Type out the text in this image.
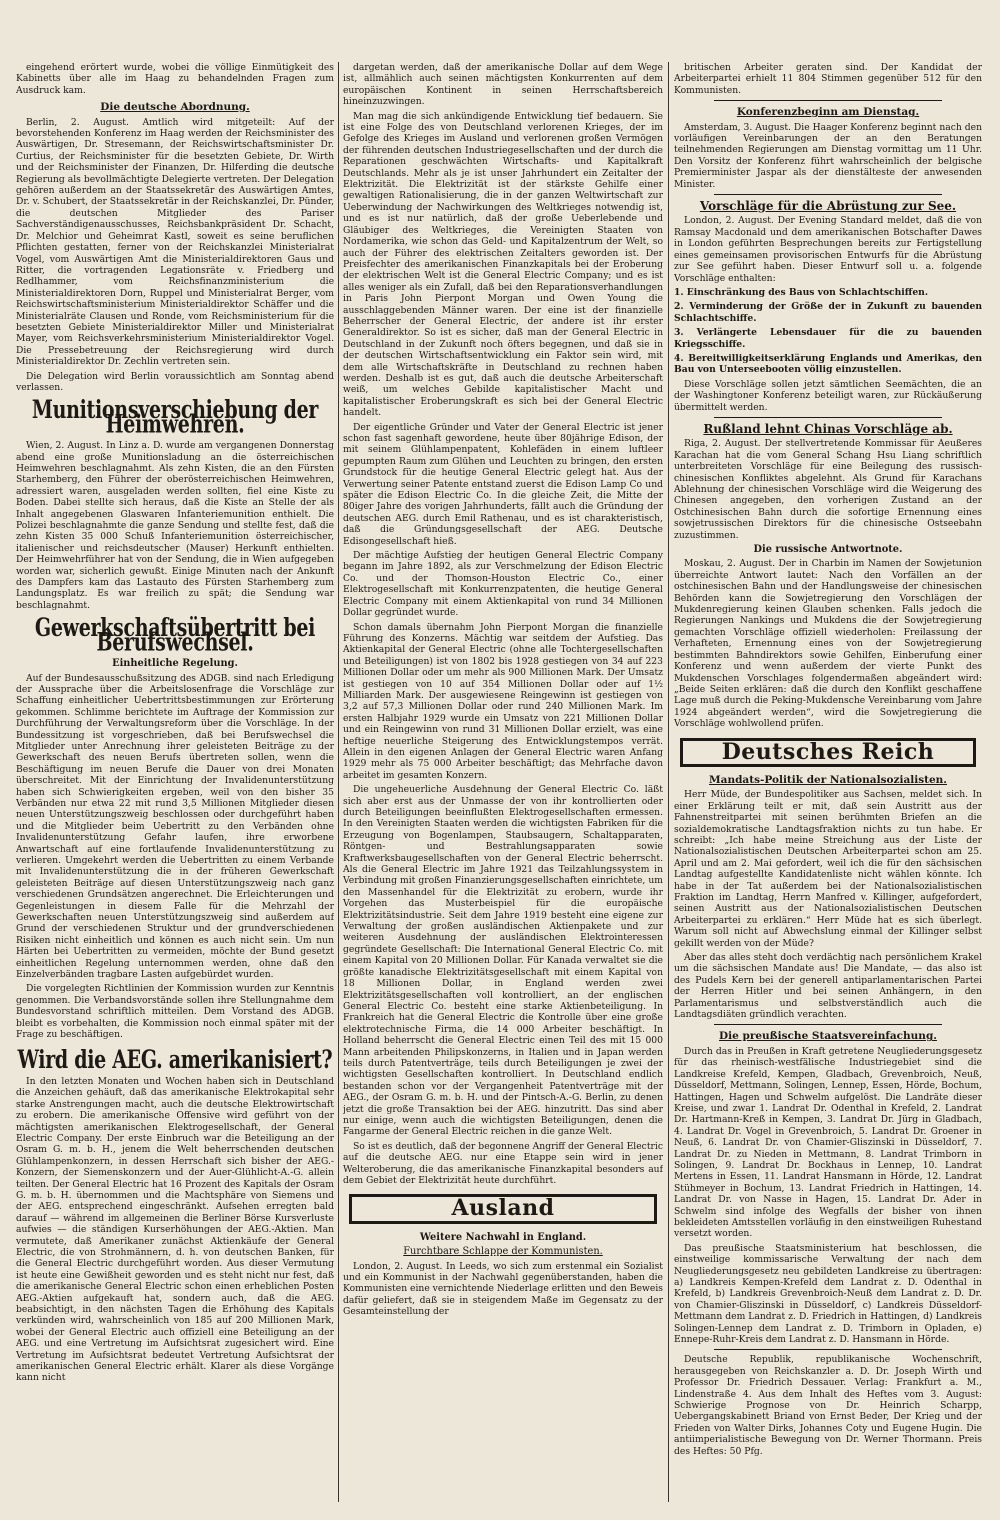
eingehend erörtert wurde, wobei die völlige Einmütigkeit des Kabinetts über alle im Haag zu behandelnden Fragen zum Ausdruck kam.

Die deutsche Abordnung.

Berlin, 2. August. Amtlich wird mitgeteilt: Auf der bevorstehenden Konferenz im Haag werden der Reichsminister des Auswärtigen, Dr. Stresemann, der Reichswirtschaftsminister Dr. Curtius, der Reichsminister für die besetzten Gebiete, Dr. Wirth und der Reichsminister der Finanzen, Dr. Hilferding die deutsche Regierung als bevollmächtigte Delegierte vertreten. Der Delegation gehören außerdem an der Staatssekretär des Auswärtigen Amtes, Dr. v. Schubert, der Staatssekretär in der Reichskanzlei, Dr. Pünder, die deutschen Mitglieder des Pariser Sachverständigenausschusses, Reichsbankpräsident Dr. Schacht, Dr. Melchior und Geheimrat Kastl, soweit es seine beruflichen Pflichten gestatten, ferner von der Reichskanzlei Ministerialrat Vogel, vom Auswärtigen Amt die Ministerialdirektoren Gaus und Ritter, die vortragenden Legationsräte v. Friedberg und Redlhammer, vom Reichsfinanzministerium die Ministerialdirektoren Dorn, Ruppel und Ministerialrat Berger, vom Reichswirtschaftsministerium Ministerialdirektor Schäffer und die Ministerialräte Clausen und Ronde, vom Reichsministerium für die besetzten Gebiete Ministerialdirektor Miller und Ministerialrat Mayer, vom Reichsverkehrsministerium Ministerialdirektor Vogel. Die Pressebetreuung der Reichsregierung wird durch Ministerialdirektor Dr. Zechlin vertreten sein.

Die Delegation wird Berlin voraussichtlich am Sonntag abend verlassen.

Munitionsverschiebung der Heimwehren.

Wien, 2. August. In Linz a. D. wurde am vergangenen Donnerstag abend eine große Munitionsladung an die österreichischen Heimwehren beschlagnahmt. Als zehn Kisten, die an den Fürsten Starhemberg, den Führer der oberösterreichischen Heimwehren, adressiert waren, ausgeladen werden sollten, fiel eine Kiste zu Boden. Dabei stellte sich heraus, daß die Kiste an Stelle der als Inhalt angegebenen Glaswaren Infanteriemunition enthielt. Die Polizei beschlagnahmte die ganze Sendung und stellte fest, daß die zehn Kisten 35 000 Schuß Infanteriemunition österreichischer, italienischer und reichsdeutscher (Mauser) Herkunft enthielten. Der Heimwehrführer hat von der Sendung, die in Wien aufgegeben worden war, sicherlich gewußt. Einige Minuten nach der Ankunft des Dampfers kam das Lastauto des Fürsten Starhemberg zum Landungsplatz. Es war freilich zu spät; die Sendung war beschlagnahmt.

Gewerkschaftsübertritt bei Berufswechsel.
Einheitliche Regelung.

Auf der Bundesausschußsitzung des ADGB. sind nach Erledigung der Aussprache über die Arbeitslosenfrage die Vorschläge zur Schaffung einheitlicher Uebertrittsbestimmungen zur Erörterung gekommen. Schlimme berichtete im Auftrage der Kommission zur Durchführung der Verwaltungsreform über die Vorschläge. In der Bundessitzung ist vorgeschrieben, daß bei Berufswechsel die Mitglieder unter Anrechnung ihrer geleisteten Beiträge zu der Gewerkschaft des neuen Berufs übertreten sollen, wenn die Beschäftigung im neuen Berufe die Dauer von drei Monaten überschreitet. Mit der Einrichtung der Invalidenunterstützung haben sich Schwierigkeiten ergeben, weil von den bisher 35 Verbänden nur etwa 22 mit rund 3,5 Millionen Mitglieder diesen neuen Unterstützungszweig beschlossen oder durchgeführt haben und die Mitglieder beim Uebertritt zu den Verbänden ohne Invalidenunterstützung Gefahr laufen, ihre erworbene Anwartschaft auf eine fortlaufende Invalidenunterstützung zu verlieren. Umgekehrt werden die Uebertritten zu einem Verbande mit Invalidenunterstützung die in der früheren Gewerkschaft geleisteten Beiträge auf diesen Unterstützungszweig nach ganz verschiedenen Grundsätzen angerechnet. Die Erleichterungen und Gegenleistungen in diesem Falle für die Mehrzahl der Gewerkschaften neuen Unterstützungszweig sind außerdem auf Grund der verschiedenen Struktur und der grundverschiedenen Risiken nicht einheitlich und können es auch nicht sein. Um nun Härten bei Uebertritten zu vermeiden, möchte der Bund gesetzt einheitlichen Regelung unternommen werden, ohne daß den Einzelverbänden tragbare Lasten aufgebürdet wurden.

Die vorgelegten Richtlinien der Kommission wurden zur Kenntnis genommen. Die Verbandsvorstände sollen ihre Stellungnahme dem Bundesvorstand schriftlich mitteilen. Dem Vorstand des ADGB. bleibt es vorbehalten, die Kommission noch einmal später mit der Frage zu beschäftigen.

Wird die AEG. amerikanisiert?

In den letzten Monaten und Wochen haben sich in Deutschland die Anzeichen gehäuft, daß das amerikanische Elektrokapital sehr starke Anstrengungen macht, auch die deutsche Elektrowirtschaft zu erobern. Die amerikanische Offensive wird geführt von der mächtigsten amerikanischen Elektrogesellschaft, der General Electric Company. Der erste Einbruch war die Beteiligung an der Osram G. m. b. H., jenem die Welt beherrschenden deutschen Glühlampenkonzern, in dessen Herrschaft sich bisher der AEG.-Konzern, der Siemenskonzern und der Auer-Glühlicht-A.-G. allein teilten. Der General Electric hat 16 Prozent des Kapitals der Osram G. m. b. H. übernommen und die Machtsphäre von Siemens und der AEG. entsprechend eingeschränkt. Aufsehen erregten bald darauf — während im allgemeinen die Berliner Börse Kursverluste aufwies — die ständigen Kurserhöhungen der AEG.-Aktien. Man vermutete, daß Amerikaner zunächst Aktienkäufe der General Electric, die von Strohmännern, d. h. von deutschen Banken, für die General Electric durchgeführt worden. Aus dieser Vermutung ist heute eine Gewißheit geworden und es steht nicht nur fest, daß die amerikanische General Electric schon einen erheblichen Posten AEG.-Aktien aufgekauft hat, sondern auch, daß die AEG. beabsichtigt, in den nächsten Tagen die Erhöhung des Kapitals verkünden wird, wahrscheinlich von 185 auf 200 Millionen Mark, wobei der General Electric auch offiziell eine Beteiligung an der AEG. und eine Vertretung im Aufsichtsrat zugesichert wird. Eine Vertretung im Aufsichtsrat bedeutet Vertretung Aufsichtsrat der amerikanischen General Electric erhält. Klarer als diese Vorgänge kann nicht

dargetan werden, daß der amerikanische Dollar auf dem Wege ist, allmählich auch seinen mächtigsten Konkurrenten auf dem europäischen Kontinent in seinen Herrschaftsbereich hineinzuzwingen.

Man mag die sich ankündigende Entwicklung tief bedauern. Sie ist eine Folge des von Deutschland verlorenen Krieges, der im Gefolge des Krieges im Ausland und verlorenen großen Vermögen der führenden deutschen Industriegesellschaften und der durch die Reparationen geschwächten Wirtschafts- und Kapitalkraft Deutschlands. Mehr als je ist unser Jahrhundert ein Zeitalter der Elektrizität. Die Elektrizität ist der stärkste Gehilfe einer gewaltigen Rationalisierung, die in der ganzen Weltwirtschaft zur Ueberwindung der Nachwirkungen des Weltkrieges notwendig ist, und es ist nur natürlich, daß der große Ueberlebende und Gläubiger des Weltkrieges, die Vereinigten Staaten von Nordamerika, wie schon das Geld- und Kapitalzentrum der Welt, so auch der Führer des elektrischen Zeitalters geworden ist. Der Preisfechter des amerikanischen Finanzkapitals bei der Eroberung der elektrischen Welt ist die General Electric Company; und es ist alles weniger als ein Zufall, daß bei den Reparationsverhandlungen in Paris John Pierpont Morgan und Owen Young die ausschlaggebenden Männer waren. Der eine ist der finanzielle Beherrscher der General Electric, der andere ist ihr erster Generaldirektor. So ist es sicher, daß man der General Electric in Deutschland in der Zukunft noch öfters begegnen, und daß sie in der deutschen Wirtschaftsentwicklung ein Faktor sein wird, mit dem alle Wirtschaftskräfte in Deutschland zu rechnen haben werden. Deshalb ist es gut, daß auch die deutsche Arbeiterschaft weiß, um welches Gebilde kapitalistischer Macht und kapitalistischer Eroberungskraft es sich bei der General Electric handelt.

Der eigentliche Gründer und Vater der General Electric ist jener schon fast sagenhaft gewordene, heute über 80jährige Edison, der mit seinem Glühlampenpatent, Kohlefäden in einem luftleer gepumpten Raum zum Glühen und Leuchten zu bringen, den ersten Grundstock für die heutige General Electric gelegt hat. Aus der Verwertung seiner Patente entstand zuerst die Edison Lamp Co und später die Edison Electric Co. In die gleiche Zeit, die Mitte der 80iger Jahre des vorigen Jahrhunderts, fällt auch die Gründung der deutschen AEG. durch Emil Rathenau, und es ist charakteristisch, daß die Gründungsgesellschaft der AEG. Deutsche Edisongesellschaft hieß.

Der mächtige Aufstieg der heutigen General Electric Company begann im Jahre 1892, als zur Verschmelzung der Edison Electric Co. und der Thomson-Houston Electric Co., einer Elektrogesellschaft mit Konkurrenzpatenten, die heutige General Electric Company mit einem Aktienkapital von rund 34 Millionen Dollar gegründet wurde.

Schon damals übernahm John Pierpont Morgan die finanzielle Führung des Konzerns. Mächtig war seitdem der Aufstieg. Das Aktienkapital der General Electric (ohne alle Tochtergesellschaften und Beteiligungen) ist von 1802 bis 1928 gestiegen von 34 auf 223 Millionen Dollar oder um mehr als 900 Millionen Mark. Der Umsatz ist gestiegen von 10 auf 354 Millionen Dollar oder auf 1½ Milliarden Mark. Der ausgewiesene Reingewinn ist gestiegen von 3,2 auf 57,3 Millionen Dollar oder rund 240 Millionen Mark. Im ersten Halbjahr 1929 wurde ein Umsatz von 221 Millionen Dollar und ein Reingewinn von rund 31 Millionen Dollar erzielt, was eine heftige neuerliche Steigerung des Entwicklungstempos verrät. Allein in den eigenen Anlagen der General Electric waren Anfang 1929 mehr als 75 000 Arbeiter beschäftigt; das Mehrfache davon arbeitet im gesamten Konzern.

Die ungeheuerliche Ausdehnung der General Electric Co. läßt sich aber erst aus der Unmasse der von ihr kontrollierten oder durch Beteiligungen beeinflußten Elektrogesellschaften ermessen. In den Vereinigten Staaten werden die wichtigsten Fabriken für die Erzeugung von Bogenlampen, Staubsaugern, Schaltapparaten, Röntgen- und Bestrahlungsapparaten sowie Kraftwerksbaugesellschaften von der General Electric beherrscht. Als die General Electric im Jahre 1921 das Teilzahlungssystem in Verbindung mit großen Finanzierungsgesellschaften einrichtete, um den Massenhandel für die Elektrizität zu erobern, wurde ihr Vorgehen das Musterbeispiel für die europäische Elektrizitätsindustrie. Seit dem Jahre 1919 besteht eine eigene zur Verwaltung der großen ausländischen Aktienpakete und zur weiteren Ausdehnung der ausländischen Elektrointeressen gegründete Gesellschaft: Die International General Electric Co. mit einem Kapital von 20 Millionen Dollar. Für Kanada verwaltet sie die größte kanadische Elektrizitätsgesellschaft mit einem Kapital von 18 Millionen Dollar, in England werden zwei Elektrizitätsgesellschaften voll kontrolliert, an der englischen General Electric Co. besteht eine starke Aktienbeteiligung. In Frankreich hat die General Electric die Kontrolle über eine große elektrotechnische Firma, die 14 000 Arbeiter beschäftigt. In Holland beherrscht die General Electric einen Teil des mit 15 000 Mann arbeitenden Philipskonzerns, in Italien und in Japan werden teils durch Patentverträge, teils durch Beteiligungen je zwei der wichtigsten Gesellschaften kontrolliert. In Deutschland endlich bestanden schon vor der Vergangenheit Patentverträge mit der AEG., der Osram G. m. b. H. und der Pintsch-A.-G. Berlin, zu denen jetzt die große Transaktion bei der AEG. hinzutritt. Das sind aber nur einige, wenn auch die wichtigsten Beteiligungen, denen die Fangarme der General Electric reichen in die ganze Welt.

So ist es deutlich, daß der begonnene Angriff der General Electric auf die deutsche AEG. nur eine Etappe sein wird in jener Welteroberung, die das amerikanische Finanzkapital besonders auf dem Gebiet der Elektrizität heute durchführt.

Ausland
Weitere Nachwahl in England.
Furchtbare Schlappe der Kommunisten.

London, 2. August. In Leeds, wo sich zum erstenmal ein Sozialist und ein Kommunist in der Nachwahl gegenüberstanden, haben die Kommunisten eine vernichtende Niederlage erlitten und den Beweis dafür geliefert, daß sie in steigendem Maße im Gegensatz zu der Gesamteinstellung der

britischen Arbeiter geraten sind. Der Kandidat der Arbeiterpartei erhielt 11 804 Stimmen gegenüber 512 für den Kommunisten.

Konferenzbeginn am Dienstag.

Amsterdam, 3. August. Die Haager Konferenz beginnt nach den vorläufigen Vereinbarungen der an den Beratungen teilnehmenden Regierungen am Dienstag vormittag um 11 Uhr. Den Vorsitz der Konferenz führt wahrscheinlich der belgische Premierminister Jaspar als der dienstälteste der anwesenden Minister.

Vorschläge für die Abrüstung zur See.

London, 2. August. Der Evening Standard meldet, daß die von Ramsay Macdonald und dem amerikanischen Botschafter Dawes in London geführten Besprechungen bereits zur Fertigstellung eines gemeinsamen provisorischen Entwurfs für die Abrüstung zur See geführt haben. Dieser Entwurf soll u. a. folgende Vorschläge enthalten:

1. Einschränkung des Baus von Schlachtschiffen.

2. Verminderung der Größe der in Zukunft zu bauenden Schlachtschiffe.

3. Verlängerte Lebensdauer für die zu bauenden Kriegsschiffe.

4. Bereitwilligkeitserklärung Englands und Amerikas, den Bau von Unterseebooten völlig einzustellen.

Diese Vorschläge sollen jetzt sämtlichen Seemächten, die an der Washingtoner Konferenz beteiligt waren, zur Rückäußerung übermittelt werden.

Rußland lehnt Chinas Vorschläge ab.

Riga, 2. August. Der stellvertretende Kommissar für Aeußeres Karachan hat die vom General Schang Hsu Liang schriftlich unterbreiteten Vorschläge für eine Beilegung des russisch-chinesischen Konfliktes abgelehnt. Als Grund für Karachans Ablehnung der chinesischen Vorschläge wird die Weigerung des Chinesen angegeben, den vorherigen Zustand an der Ostchinesischen Bahn durch die sofortige Ernennung eines sowjetrussischen Direktors für die chinesische Ostseebahn zuzustimmen.

Die russische Antwortnote.

Moskau, 2. August. Der in Charbin im Namen der Sowjetunion überreichte Antwort lautet: Nach den Vorfällen an der ostchinesischen Bahn und der Handlungsweise der chinesischen Behörden kann die Sowjetregierung den Vorschlägen der Mukdenregierung keinen Glauben schenken. Falls jedoch die Regierungen Nankings und Mukdens die der Sowjetregierung gemachten Vorschläge offiziell wiederholen: Freilassung der Verhafteten, Ernennung eines von der Sowjetregierung bestimmten Bahndirektors sowie Gehilfen, Einberufung einer Konferenz und wenn außerdem der vierte Punkt des Mukdenschen Vorschlages folgendermaßen abgeändert wird: „Beide Seiten erklären: daß die durch den Konflikt geschaffene Lage muß durch die Peking-Mukdensche Vereinbarung vom Jahre 1924 abgeändert werden“, wird die Sowjetregierung die Vorschläge wohlwollend prüfen.

Deutsches Reich
Mandats-Politik der Nationalsozialisten.

Herr Müde, der Bundespolitiker aus Sachsen, meldet sich. In einer Erklärung teilt er mit, daß sein Austritt aus der Fahnenstreitpartei mit seinen berühmten Briefen an die sozialdemokratische Landtagsfraktion nichts zu tun habe. Er schreibt: „Ich habe meine Streichung aus der Liste der Nationalsozialistischen Deutschen Arbeiterpartei schon am 25. April und am 2. Mai gefordert, weil ich die für den sächsischen Landtag aufgestellte Kandidatenliste nicht wählen könnte. Ich habe in der Tat außerdem bei der Nationalsozialistischen Fraktion im Landtag, Herrn Manfred v. Killinger, aufgefordert, seinen Austritt aus der Nationalsozialistischen Deutschen Arbeiterpartei zu erklären.“ Herr Müde hat es sich überlegt. Warum soll nicht auf Abwechslung einmal der Killinger selbst gekillt werden von der Müde?

Aber das alles steht doch verdächtig nach persönlichem Krakel um die sächsischen Mandate aus! Die Mandate, — das also ist des Pudels Kern bei der generell antiparlamentarischen Partei der Herren Hitler und bei seinen Anhängern, in den Parlamentarismus und selbstverständlich auch die Landtagsdiäten gründlich verachten.

Die preußische Staatsvereinfachung.

Durch das in Preußen in Kraft getretene Neugliederungsgesetz für das rheinisch-westfälische Industriegebiet sind die Landkreise Krefeld, Kempen, Gladbach, Grevenbroich, Neuß, Düsseldorf, Mettmann, Solingen, Lennep, Essen, Hörde, Bochum, Hattingen, Hagen und Schwelm aufgelöst. Die Landräte dieser Kreise, und zwar 1. Landrat Dr. Odenthal in Krefeld, 2. Landrat Dr. Hartmann-Kreß in Kempen, 3. Landrat Dr. Jürg in Gladbach, 4. Landrat Dr. Vogel in Grevenbroich, 5. Landrat Dr. Groener in Neuß, 6. Landrat Dr. von Chamier-Gliszinski in Düsseldorf, 7. Landrat Dr. zu Nieden in Mettmann, 8. Landrat Trimborn in Solingen, 9. Landrat Dr. Bockhaus in Lennep, 10. Landrat Mertens in Essen, 11. Landrat Hansmann in Hörde, 12. Landrat Stühmeyer in Bochum, 13. Landrat Friedrich in Hattingen, 14. Landrat Dr. von Nasse in Hagen, 15. Landrat Dr. Ader in Schwelm sind infolge des Wegfalls der bisher von ihnen bekleideten Amtsstellen vorläufig in den einstweiligen Ruhestand versetzt worden.

Das preußische Staatsministerium hat beschlossen, die einstweilige kommissarische Verwaltung der nach dem Neugliederungsgesetz neu gebildeten Landkreise zu übertragen: a) Landkreis Kempen-Krefeld dem Landrat z. D. Odenthal in Krefeld, b) Landkreis Grevenbroich-Neuß dem Landrat z. D. Dr. von Chamier-Gliszinski in Düsseldorf, c) Landkreis Düsseldorf-Mettmann dem Landrat z. D. Friedrich in Hattingen, d) Landkreis Solingen-Lennep dem Landrat z. D. Trimborn in Opladen, e) Ennepe-Ruhr-Kreis dem Landrat z. D. Hansmann in Hörde.

Deutsche Republik, republikanische Wochenschrift, herausgegeben von Reichskanzler a. D. Dr. Joseph Wirth und Professor Dr. Friedrich Dessauer. Verlag: Frankfurt a. M., Lindenstraße 4. Aus dem Inhalt des Heftes vom 3. August: Schwierige Prognose von Dr. Heinrich Scharpp, Uebergangskabinett Briand von Ernst Beder, Der Krieg und der Frieden von Walter Dirks, Johannes Coty und Eugene Hugin. Die antiimperialistische Bewegung von Dr. Werner Thormann. Preis des Heftes: 50 Pfg.
